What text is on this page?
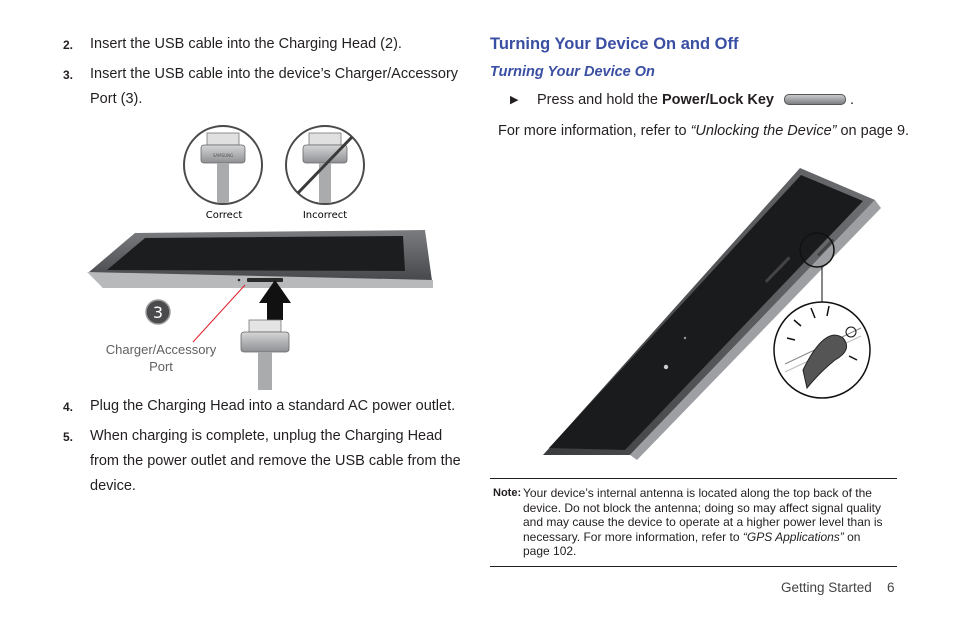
2. Insert the USB cable into the Charging Head (2).
3. Insert the USB cable into the device’s Charger/Accessory
Port (3).
SAMSUNG
Correct	Incorrect
3
Charger/Accessory
Port
4. Plug the Charging Head into a standard AC power outlet.
5. When charging is complete, unplug the Charging Head
from the power outlet and remove the USB cable from the
device.
Turning Your Device On and Off
Turning Your Device On
▶ Press and hold the Power/Lock Key	.
For more information, refer to “Unlocking the Device” on page 9.
Note: Your device’s internal antenna is located along the top back of the
device. Do not block the antenna; doing so may affect signal quality
and may cause the device to operate at a higher power level than is
necessary. For more information, refer to “GPS Applications” on
page 102.
Getting Started 6
